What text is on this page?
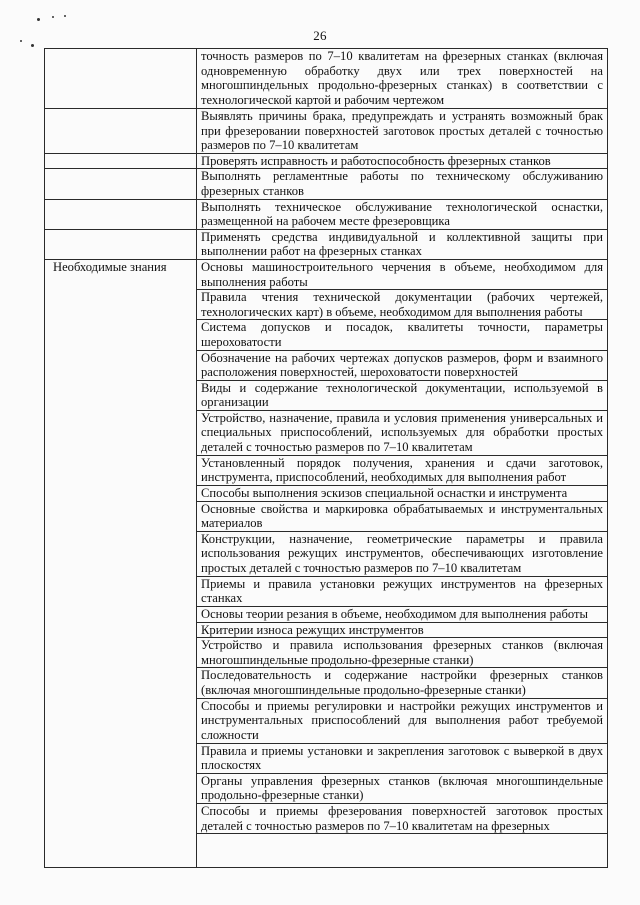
26
	точность размеров по 7–10 квалитетам на фрезерных станках (включая одновременную обработку двух или трех поверхностей на многошпиндельных продольно-фрезерных станках) в соответствии с технологической картой и рабочим чертежом
	Выявлять причины брака, предупреждать и устранять возможный брак при фрезеровании поверхностей заготовок простых деталей с точностью размеров по 7–10 квалитетам
	Проверять исправность и работоспособность фрезерных станков
	Выполнять регламентные работы по техническому обслуживанию фрезерных станков
	Выполнять техническое обслуживание технологической оснастки, размещенной на рабочем месте фрезеровщика
	Применять средства индивидуальной и коллективной защиты при выполнении работ на фрезерных станках
Необходимые знания	Основы машиностроительного черчения в объеме, необходимом для выполнения работы
	Правила чтения технической документации (рабочих чертежей, технологических карт) в объеме, необходимом для выполнения работы
	Система допусков и посадок, квалитеты точности, параметры шероховатости
	Обозначение на рабочих чертежах допусков размеров, форм и взаимного расположения поверхностей, шероховатости поверхностей
	Виды и содержание технологической документации, используемой в организации
	Устройство, назначение, правила и условия применения универсальных и специальных приспособлений, используемых для обработки простых деталей с точностью размеров по 7–10 квалитетам
	Установленный порядок получения, хранения и сдачи заготовок, инструмента, приспособлений, необходимых для выполнения работ
	Способы выполнения эскизов специальной оснастки и инструмента
	Основные свойства и маркировка обрабатываемых и инструментальных материалов
	Конструкции, назначение, геометрические параметры и правила использования режущих инструментов, обеспечивающих изготовление простых деталей с точностью размеров по 7–10 квалитетам
	Приемы и правила установки режущих инструментов на фрезерных станках
	Основы теории резания в объеме, необходимом для выполнения работы
	Критерии износа режущих инструментов
	Устройство и правила использования фрезерных станков (включая многошпиндельные продольно-фрезерные станки)
	Последовательность и содержание настройки фрезерных станков (включая многошпиндельные продольно-фрезерные станки)
	Способы и приемы регулировки и настройки режущих инструментов и инструментальных приспособлений для выполнения работ требуемой сложности
	Правила и приемы установки и закрепления заготовок с выверкой в двух плоскостях
	Органы управления фрезерных станков (включая многошпиндельные продольно-фрезерные станки)
	Способы и приемы фрезерования поверхностей заготовок простых деталей с точностью размеров по 7–10 квалитетам на фрезерных
